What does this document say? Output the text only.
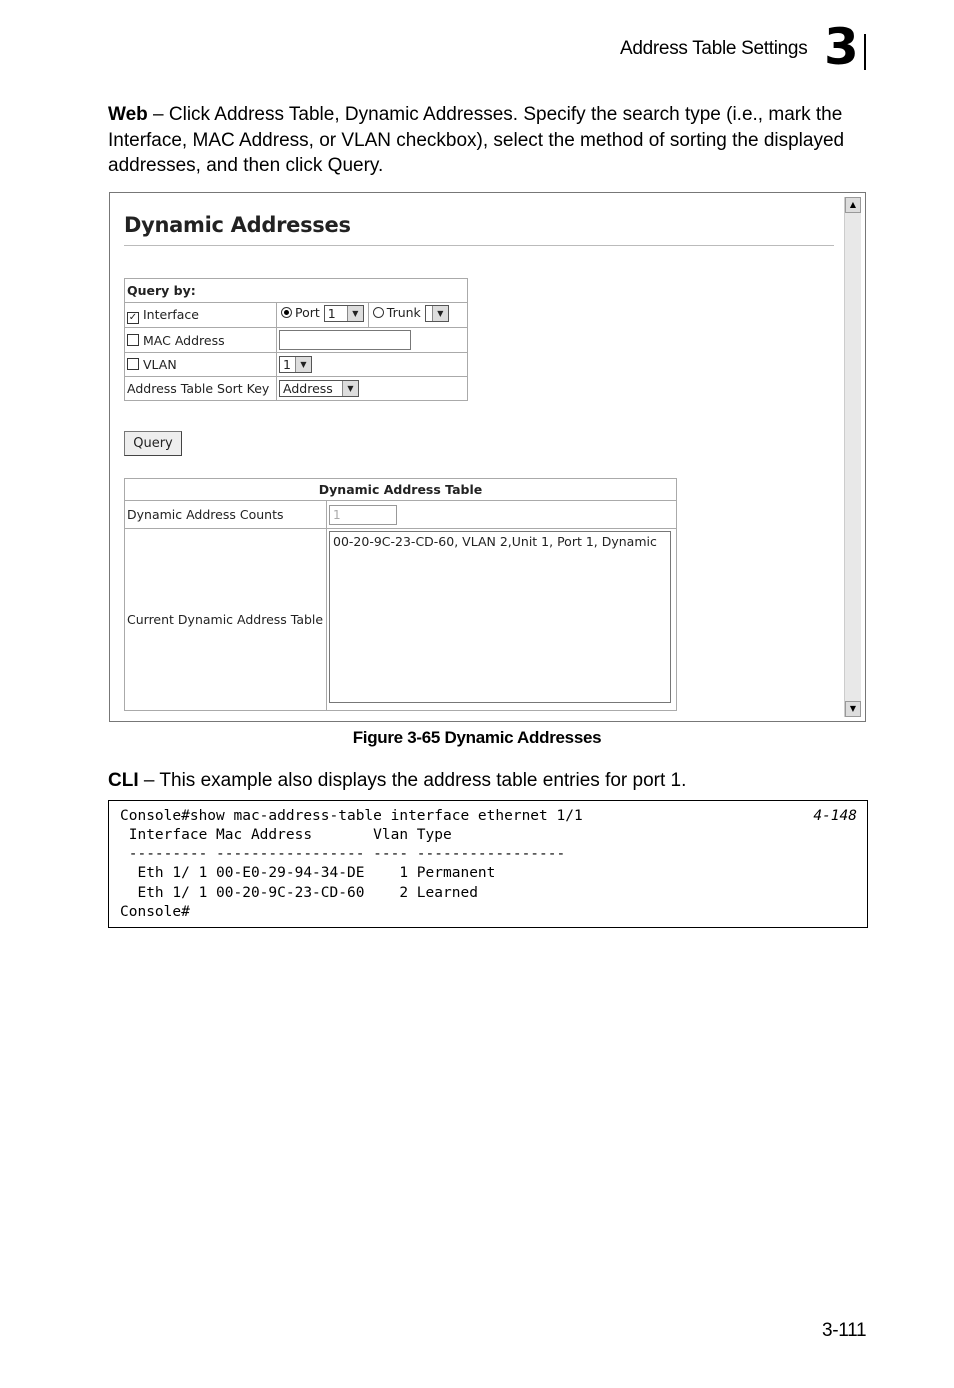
Address Table Settings 3
Web – Click Address Table, Dynamic Addresses. Specify the search type (i.e., mark the Interface, MAC Address, or VLAN checkbox), select the method of sorting the displayed addresses, and then click Query.
Dynamic Addresses
▲
▼
Query by:	
✓ Interface	Port 1 ▼ Trunk ▼

MAC Address	
VLAN	1 ▼

Address Table Sort Key	Address ▼
Query
Dynamic Address Table	
Dynamic Address Counts	1
Current Dynamic Address Table	00-20-9C-23-CD-60, VLAN 2,Unit 1, Port 1, Dynamic
Figure 3-65 Dynamic Addresses
CLI – This example also displays the address table entries for port 1.
Console#show mac-address-table interface ethernet 1/1	4-148
Interface Mac Address       Vlan Type
--------- ----------------- ---- -----------------
Eth 1/ 1 00-E0-29-94-34-DE    1 Permanent
Eth 1/ 1 00-20-9C-23-CD-60    2 Learned
Console#
3-111
